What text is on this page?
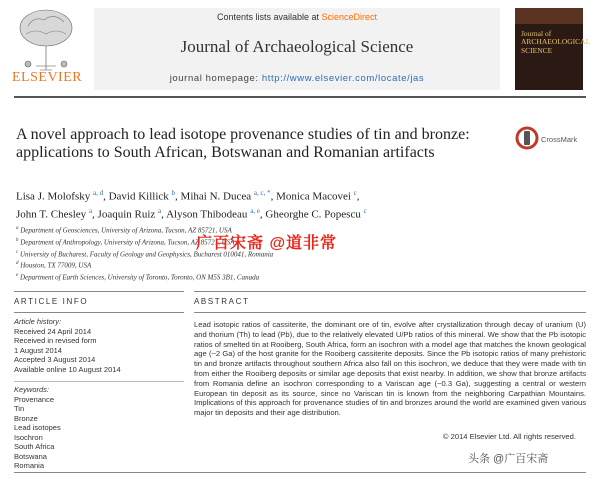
ELSEVIER
Contents lists available at ScienceDirect
Journal of Archaeological Science
journal homepage: http://www.elsevier.com/locate/jas
Journal of ARCHAEOLOGICAL SCIENCE
A novel approach to lead isotope provenance studies of tin and bronze: applications to South African, Botswanan and Romanian artifacts
CrossMark
Lisa J. Molofsky $^{a, d}$, David Killick $^b$, Mihai N. Ducea $^{a, c, *}$, Monica Macovei $^c$,
John T. Chesley $^a$, Joaquin Ruiz $^a$, Alyson Thibodeau $^{a, e}$, Gheorghe C. Popescu $^c$
$^a$ Department of Geosciences, University of Arizona, Tucson, AZ 85721, USA
$^b$ Department of Anthropology, University of Arizona, Tucson, AZ 85721, USA
$^c$ University of Bucharest, Faculty of Geology and Geophysics, Bucharest 010041, Romania
$^d$ Houston, TX 77009, USA
$^e$ Department of Earth Sciences, University of Toronto, Toronto, ON M5S 3B1, Canada
广百宋斋 @道非常
ARTICLE INFO	ABSTRACT
Article history:
Received 24 April 2014
Received in revised form
1 August 2014
Accepted 3 August 2014
Available online 10 August 2014
Keywords:
Provenance
Tin
Bronze
Lead isotopes
Isochron
South Africa
Botswana
Romania
Lead isotopic ratios of cassiterite, the dominant ore of tin, evolve after crystallization through decay of uranium (U) and thorium (Th) to lead (Pb), due to the relatively elevated U/Pb ratios of this mineral. We show that the Pb isotopic ratios of smelted tin at Rooiberg, South Africa, form an isochron with a model age that matches the known geological age (~2 Ga) of the host granite for the Rooiberg cassiterite deposits. Since the Pb isotopic ratios of many prehistoric tin and bronze artifacts throughout southern Africa also fall on this isochron, we deduce that they were made with tin from either the Rooiberg deposits or similar age deposits that exist nearby. In addition, we show that bronze artifacts from Romania define an isochron corresponding to a Variscan age (~0.3 Ga), suggesting a central or western European tin deposit as its source, since no Variscan tin is known from the neighboring Carpathian Mountains. Implications of this approach for provenance studies of tin and bronzes around the world are examined given various major tin deposits and their age distribution.
© 2014 Elsevier Ltd. All rights reserved.
头条 @广百宋斋
